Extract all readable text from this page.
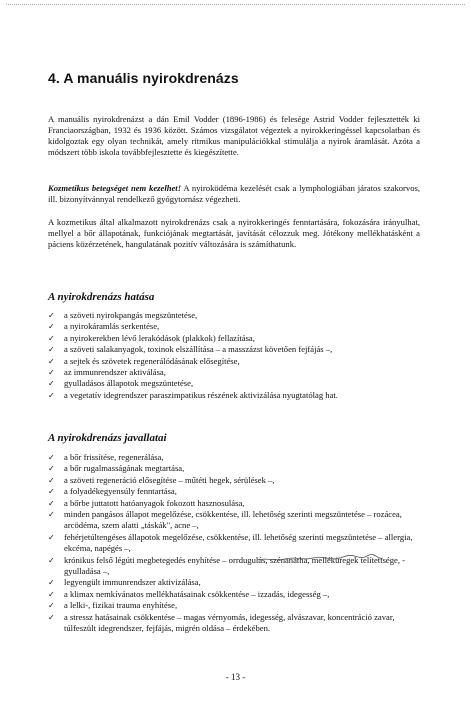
4. A manuális nyirokdrenázs

A manuális nyirokdrenázst a dán Emil Vodder (1896-1986) és felesége Astrid Vodder fejlesztették ki Franciaországban, 1932 és 1936 között. Számos vizsgálatot végeztek a nyirokkeringéssel kapcsolatban és kidolgoztak egy olyan technikát, amely ritmikus manipulációkkal stimulálja a nyirok áramlását. Azóta a módszert több iskola továbbfejlesztette és kiegészítette.

Kozmetikus betegséget nem kezelhet! A nyiroködéma kezelését csak a lymphologiában járatos szakorvos, ill. bizonyítvánnyal rendelkező gyógytornász végezheti.

A kozmetikus által alkalmazott nyirokdrenázs csak a nyirokkeringés fenntartására, fokozására irányulhat, mellyel a bőr állapotának, funkciójának megtartását, javítását célozzuk meg. Jótékony mellékhatásként a páciens közérzetének, hangulatának pozitív változására is számíthatunk.

A nyirokdrenázs hatása
✓ a szöveti nyirokpangás megszüntetése,
✓ a nyirokáramlás serkentése,
✓ a nyirokerekben lévő lerakódások (plakkok) fellazítása,
✓ a szöveti salakanyagok, toxinok elszállítása – a masszázst követően fejfájás –,
✓ a sejtek és szövetek regenerálódásának elősegítése,
✓ az immunrendszer aktiválása,
✓ gyulladásos állapotok megszüntetése,
✓ a vegetatív idegrendszer paraszimpatikus részének aktivizálása nyugtatólag hat.
A nyirokdrenázs javallatai
✓ a bőr frissítése, regenerálása,
✓ a bőr rugalmasságának megtartása,
✓ a szöveti regeneráció elősegítése – műtéti hegek, sérülések –,
✓ a folyadékegyensúly fenntartása,
✓ a bőrbe juttatott hatóanyagok fokozott hasznosulása,
✓ minden pangásos állapot megelőzése, csökkentése, ill. lehetőség szerinti megszüntetése – rozácea, arcödéma, szem alatti „táskák", acne –,
✓ fehérjetúltengéses állapotok megelőzése, csökkentése, ill. lehetőség szerinti megszüntetése – allergia, ekcéma, napégés –,
✓ krónikus felső légúti megbetegedés enyhítése – orrdugulás, szénanátha, melléküregek telítettsége, -gyulladása –,
✓ legyengült immunrendszer aktivizálása,
✓ a klimax nemkívánatos mellékhatásainak csökkentése – izzadás, idegesség –,
✓ a lelki-, fizikai trauma enyhítése,
✓ a stressz hatásainak csökkentése – magas vérnyomás, idegesség, alvászavar, koncentráció zavar, túlfeszült idegrendszer, fejfájás, migrén oldása – érdekében.
- 13 -
